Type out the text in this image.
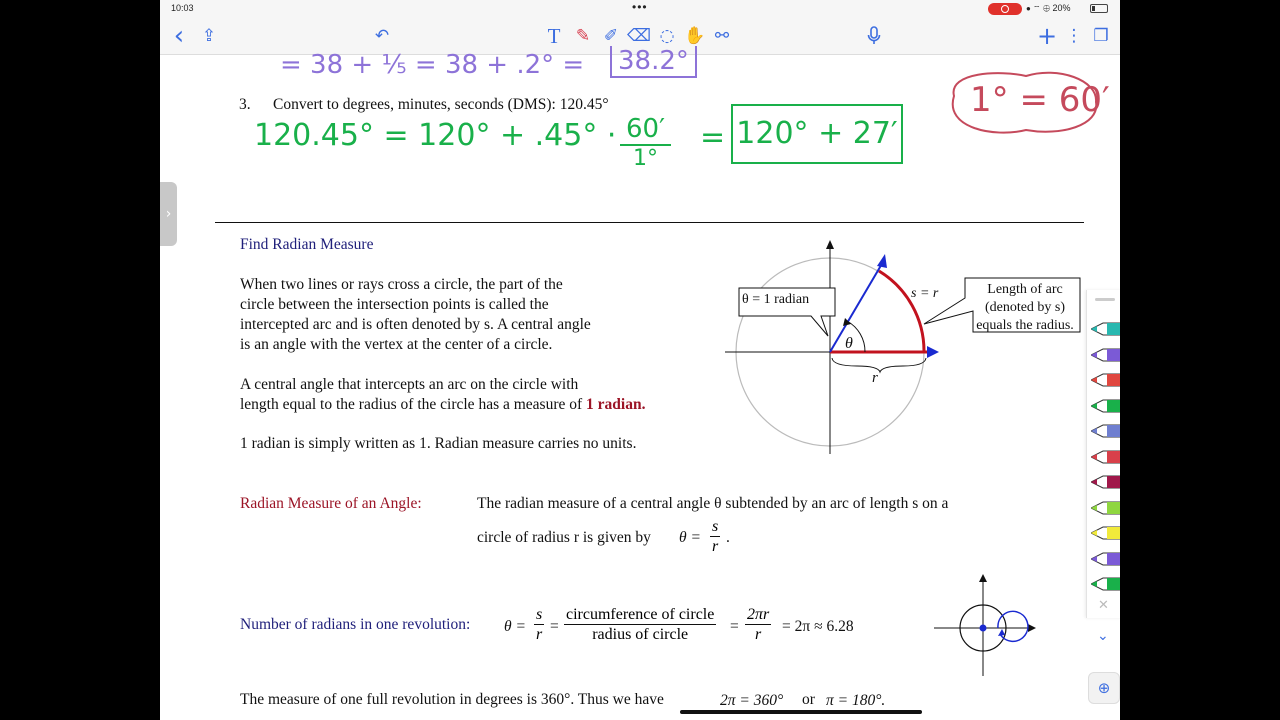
10:03	•••	● ⌔ ⊕ 20%
‹	⇪	↶	T ✎ ✐ ⌫ ◌ ✋ ⚯	+ ⋮ ❐
= 38 + ⅕ = 38 + .2° =	38.2°
3. Convert to degrees, minutes, seconds (DMS): 120.45°
120.45° = 120° + .45° · 60′
1°
= 120° + 27′
1° = 60′
Find Radian Measure
When two lines or rays cross a circle, the part of the
circle between the intersection points is called the
intercepted arc and is often denoted by s. A central angle
is an angle with the vertex at the center of a circle.
A central angle that intercepts an arc on the circle with
length equal to the radius of the circle has a measure of 1 radian.
1 radian is simply written as 1. Radian measure carries no units.
θ = 1 radian	s = r	Length of arc
(denoted by s)
equals the radius.
θ
r
Radian Measure of an Angle:	The radian measure of a central angle θ subtended by an arc of length s on a
circle of radius r is given by $\theta = \frac{s}{r}$ .
Number of radians in one revolution: $\theta = \frac{s}{r}$ =
circumference of circle
radius of circle	= $\frac{2\pi r}{r} = 2\pi \approx 6.28$
The measure of one full revolution in degrees is 360°. Thus we have	2π = 360° or π = 180°.
›
✕
⌄
⊕
